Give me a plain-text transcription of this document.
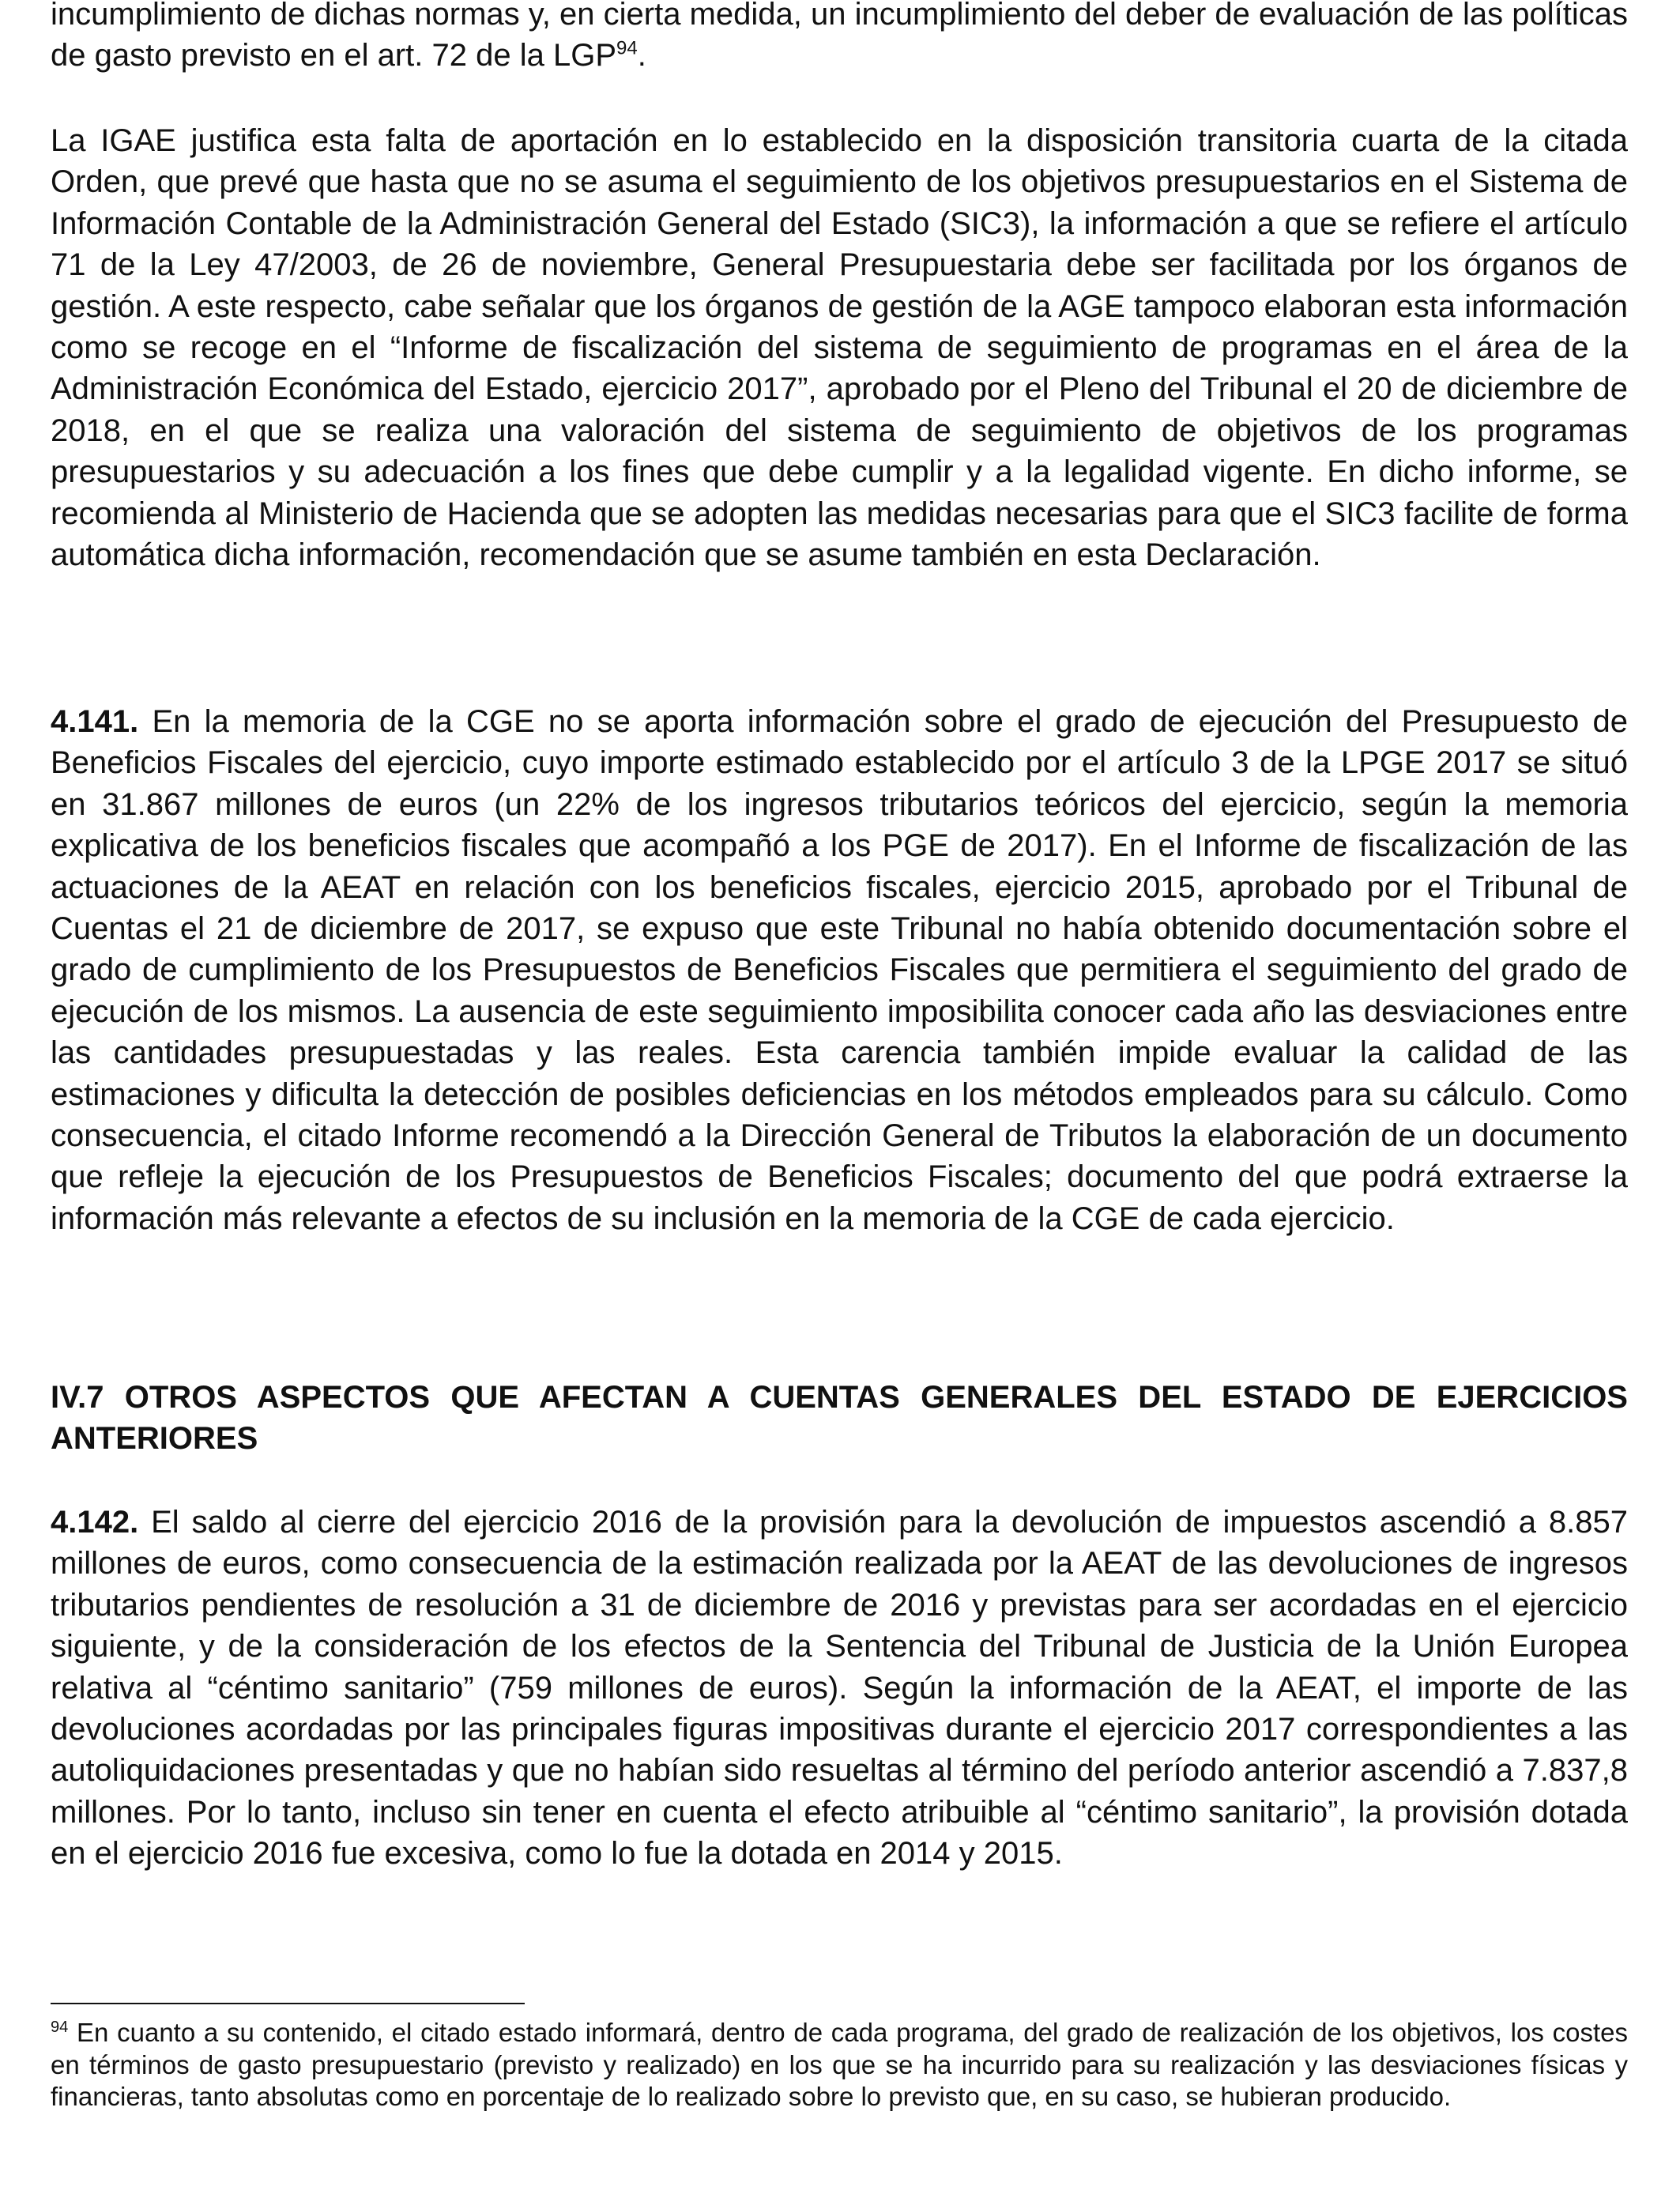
incumplimiento de dichas normas y, en cierta medida, un incumplimiento del deber de evaluación de las políticas de gasto previsto en el art. 72 de la LGP$^{94}$.

La IGAE justifica esta falta de aportación en lo establecido en la disposición transitoria cuarta de la citada Orden, que prevé que hasta que no se asuma el seguimiento de los objetivos presupuestarios en el Sistema de Información Contable de la Administración General del Estado (SIC3), la información a que se refiere el artículo 71 de la Ley 47/2003, de 26 de noviembre, General Presupuestaria debe ser facilitada por los órganos de gestión. A este respecto, cabe señalar que los órganos de gestión de la AGE tampoco elaboran esta información como se recoge en el “Informe de fiscalización del sistema de seguimiento de programas en el área de la Administración Económica del Estado, ejercicio 2017”, aprobado por el Pleno del Tribunal el 20 de diciembre de 2018, en el que se realiza una valoración del sistema de seguimiento de objetivos de los programas presupuestarios y su adecuación a los fines que debe cumplir y a la legalidad vigente. En dicho informe, se recomienda al Ministerio de Hacienda que se adopten las medidas necesarias para que el SIC3 facilite de forma automática dicha información, recomendación que se asume también en esta Declaración.

4.141. En la memoria de la CGE no se aporta información sobre el grado de ejecución del Presupuesto de Beneficios Fiscales del ejercicio, cuyo importe estimado establecido por el artículo 3 de la LPGE 2017 se situó en 31.867 millones de euros (un 22% de los ingresos tributarios teóricos del ejercicio, según la memoria explicativa de los beneficios fiscales que acompañó a los PGE de 2017). En el Informe de fiscalización de las actuaciones de la AEAT en relación con los beneficios fiscales, ejercicio 2015, aprobado por el Tribunal de Cuentas el 21 de diciembre de 2017, se expuso que este Tribunal no había obtenido documentación sobre el grado de cumplimiento de los Presupuestos de Beneficios Fiscales que permitiera el seguimiento del grado de ejecución de los mismos. La ausencia de este seguimiento imposibilita conocer cada año las desviaciones entre las cantidades presupuestadas y las reales. Esta carencia también impide evaluar la calidad de las estimaciones y dificulta la detección de posibles deficiencias en los métodos empleados para su cálculo. Como consecuencia, el citado Informe recomendó a la Dirección General de Tributos la elaboración de un documento que refleje la ejecución de los Presupuestos de Beneficios Fiscales; documento del que podrá extraerse la información más relevante a efectos de su inclusión en la memoria de la CGE de cada ejercicio.

IV.7 OTROS ASPECTOS QUE AFECTAN A CUENTAS GENERALES DEL ESTADO DE EJERCICIOS ANTERIORES

4.142. El saldo al cierre del ejercicio 2016 de la provisión para la devolución de impuestos ascendió a 8.857 millones de euros, como consecuencia de la estimación realizada por la AEAT de las devoluciones de ingresos tributarios pendientes de resolución a 31 de diciembre de 2016 y previstas para ser acordadas en el ejercicio siguiente, y de la consideración de los efectos de la Sentencia del Tribunal de Justicia de la Unión Europea relativa al “céntimo sanitario” (759 millones de euros). Según la información de la AEAT, el importe de las devoluciones acordadas por las principales figuras impositivas durante el ejercicio 2017 correspondientes a las autoliquidaciones presentadas y que no habían sido resueltas al término del período anterior ascendió a 7.837,8 millones. Por lo tanto, incluso sin tener en cuenta el efecto atribuible al “céntimo sanitario”, la provisión dotada en el ejercicio 2016 fue excesiva, como lo fue la dotada en 2014 y 2015.

$^{94}$ En cuanto a su contenido, el citado estado informará, dentro de cada programa, del grado de realización de los objetivos, los costes en términos de gasto presupuestario (previsto y realizado) en los que se ha incurrido para su realización y las desviaciones físicas y financieras, tanto absolutas como en porcentaje de lo realizado sobre lo previsto que, en su caso, se hubieran producido.
